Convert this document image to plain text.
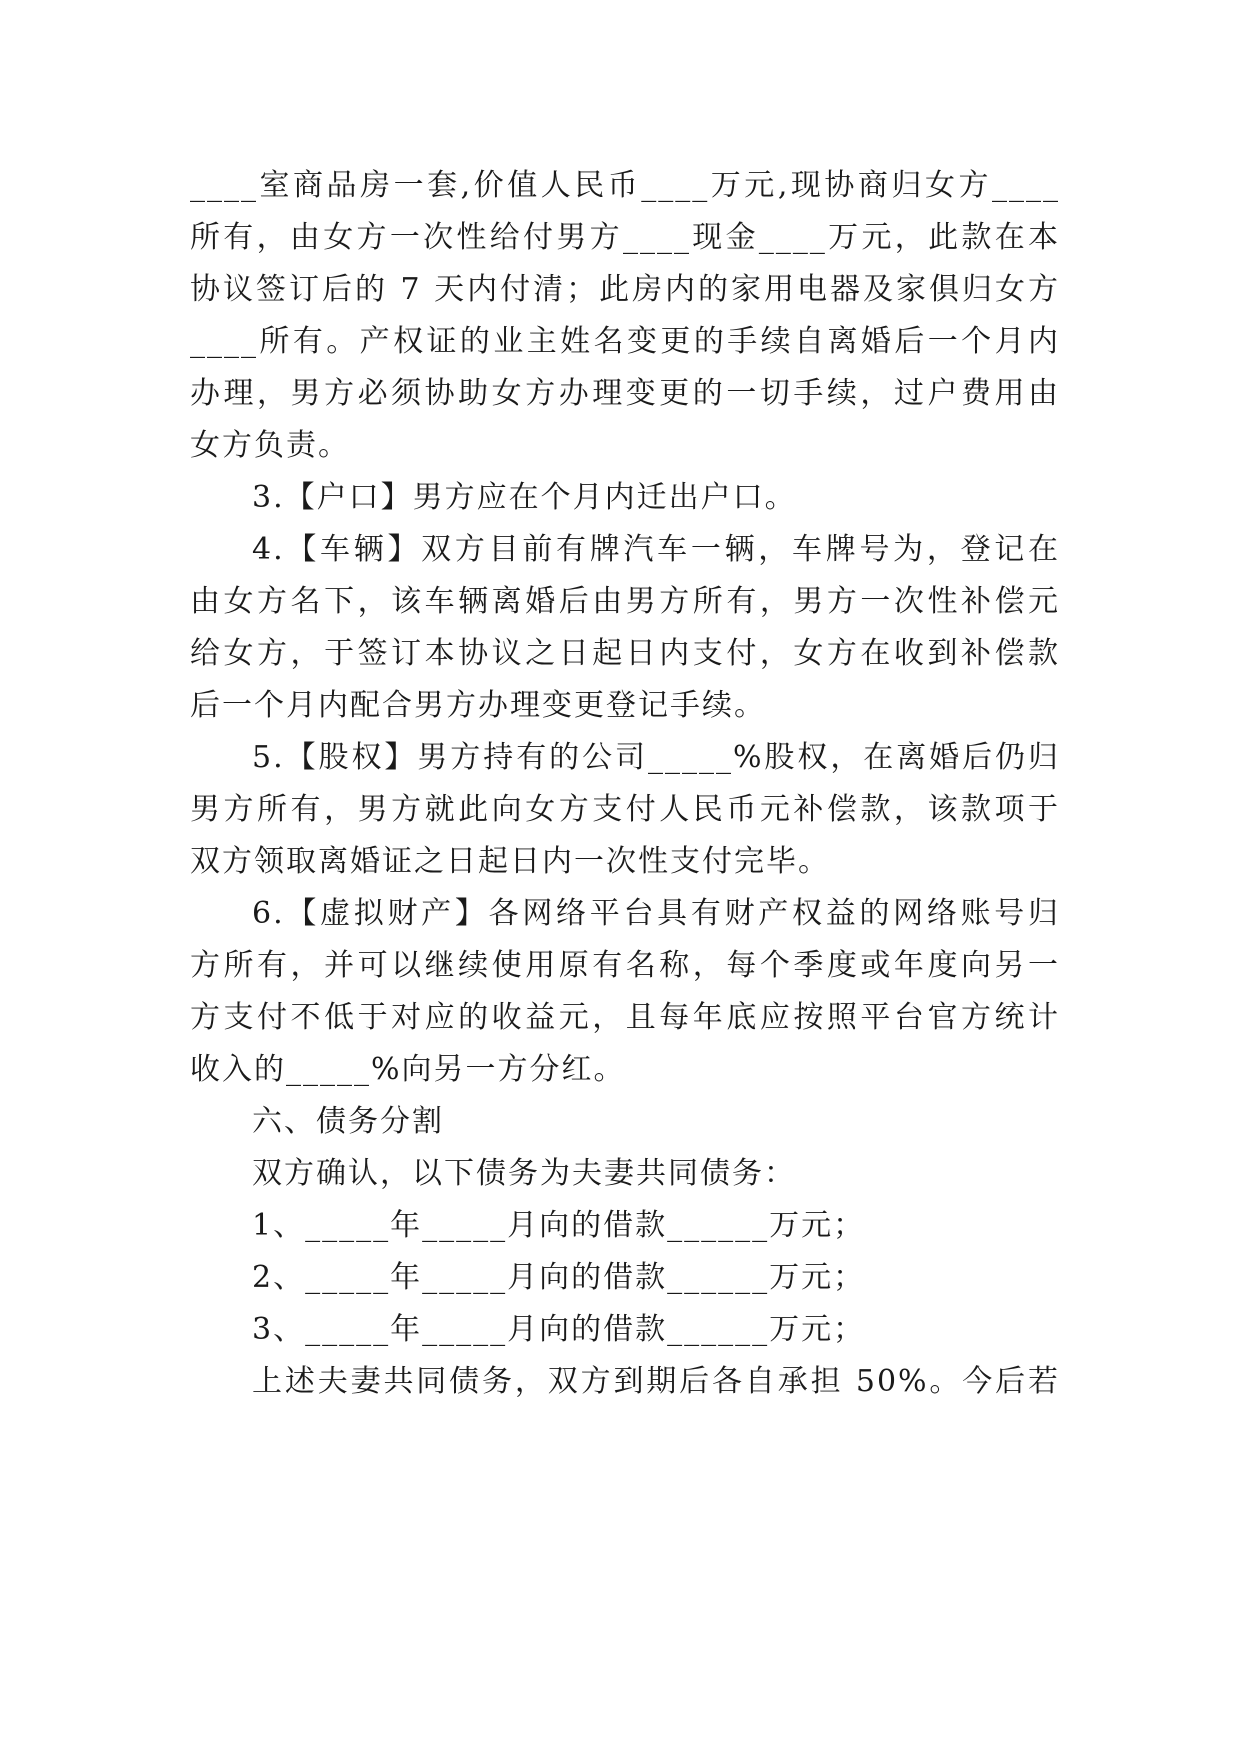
____室商品房一套,价值人民币____万元,现协商归女方____
所有，由女方一次性给付男方____现金____万元，此款在本
协议签订后的 7 天内付清；此房内的家用电器及家俱归女方
____所有。产权证的业主姓名变更的手续自离婚后一个月内
办理，男方必须协助女方办理变更的一切手续，过户费用由
女方负责。
3.【户口】男方应在个月内迁出户口。
4.【车辆】双方目前有牌汽车一辆，车牌号为，登记在
由女方名下，该车辆离婚后由男方所有，男方一次性补偿元
给女方，于签订本协议之日起日内支付，女方在收到补偿款
后一个月内配合男方办理变更登记手续。
5.【股权】男方持有的公司_____%股权，在离婚后仍归
男方所有，男方就此向女方支付人民币元补偿款，该款项于
双方领取离婚证之日起日内一次性支付完毕。
6.【虚拟财产】各网络平台具有财产权益的网络账号归
方所有，并可以继续使用原有名称，每个季度或年度向另一
方支付不低于对应的收益元，且每年底应按照平台官方统计
收入的_____%向另一方分红。
六、债务分割
双方确认，以下债务为夫妻共同债务：
1、_____年_____月向的借款______万元；
2、_____年_____月向的借款______万元；
3、_____年_____月向的借款______万元；
上述夫妻共同债务，双方到期后各自承担 50%。今后若
